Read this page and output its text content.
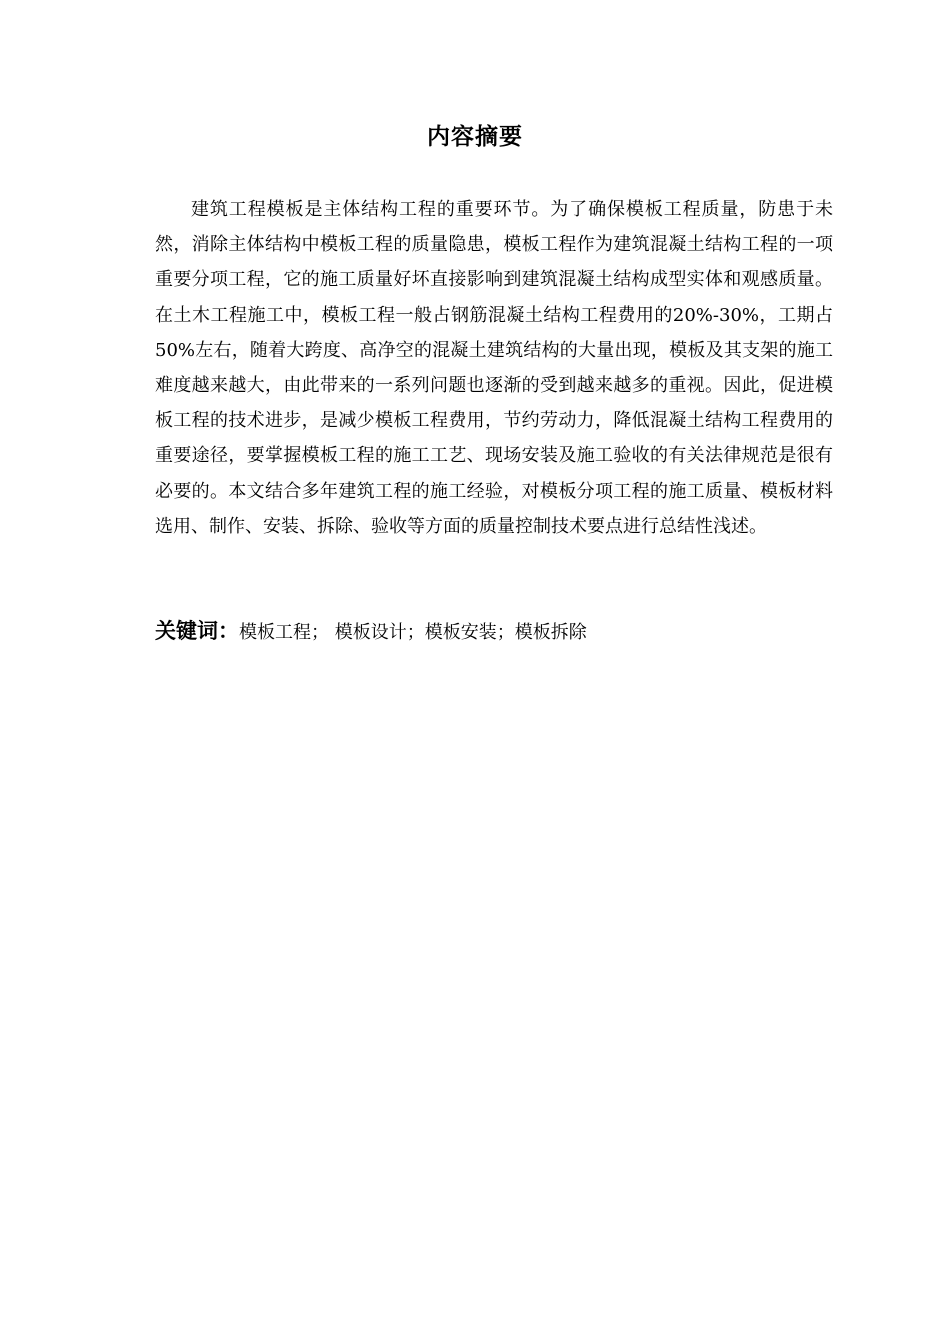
内容摘要

建筑工程模板是主体结构工程的重要环节。为了确保模板工程质量，防患于未然，消除主体结构中模板工程的质量隐患，模板工程作为建筑混凝土结构工程的一项重要分项工程，它的施工质量好坏直接影响到建筑混凝土结构成型实体和观感质量。在土木工程施工中，模板工程一般占钢筋混凝土结构工程费用的20%-30%，工期占50%左右，随着大跨度、高净空的混凝土建筑结构的大量出现，模板及其支架的施工难度越来越大，由此带来的一系列问题也逐渐的受到越来越多的重视。因此，促进模板工程的技术进步，是减少模板工程费用，节约劳动力，降低混凝土结构工程费用的重要途径，要掌握模板工程的施工工艺、现场安装及施工验收的有关法律规范是很有必要的。本文结合多年建筑工程的施工经验，对模板分项工程的施工质量、模板材料选用、制作、安装、拆除、验收等方面的质量控制技术要点进行总结性浅述。

关键词：模板工程； 模板设计；模板安装；模板拆除
